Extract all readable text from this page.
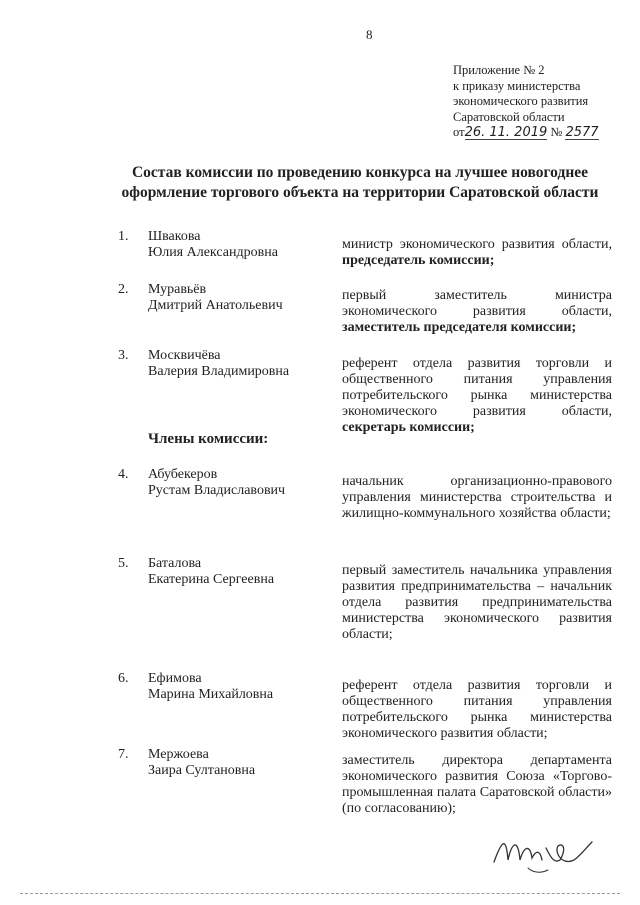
8
Приложение № 2
к приказу министерства
экономического развития
Саратовской области
от26. 11. 2019 № 2577
Состав комиссии по проведению конкурса на лучшее новогоднее
оформление торгового объекта на территории Саратовской области
1. Швакова
Юлия Александровна
министр экономического развития области, председатель комиссии;
2. Муравьёв
Дмитрий Анатольевич
первый заместитель министра экономического развития области, заместитель председателя комиссии;
3. Москвичёва
Валерия Владимировна
референт отдела развития торговли и общественного питания управления потребительского рынка министерства экономического развития области, секретарь комиссии;
Члены комиссии:
4. Абубекеров
Рустам Владиславович
начальник организационно-правового управления министерства строительства и жилищно-коммунального хозяйства области;
5. Баталова
Екатерина Сергеевна
первый заместитель начальника управления развития предпринимательства – начальник отдела развития предпринимательства министерства экономического развития области;
6. Ефимова
Марина Михайловна
референт отдела развития торговли и общественного питания управления потребительского рынка министерства экономического развития области;
7. Мержоева
Заира Султановна
заместитель директора департамента экономического развития Союза «Торгово-промышленная палата Саратовской области» (по согласованию);
